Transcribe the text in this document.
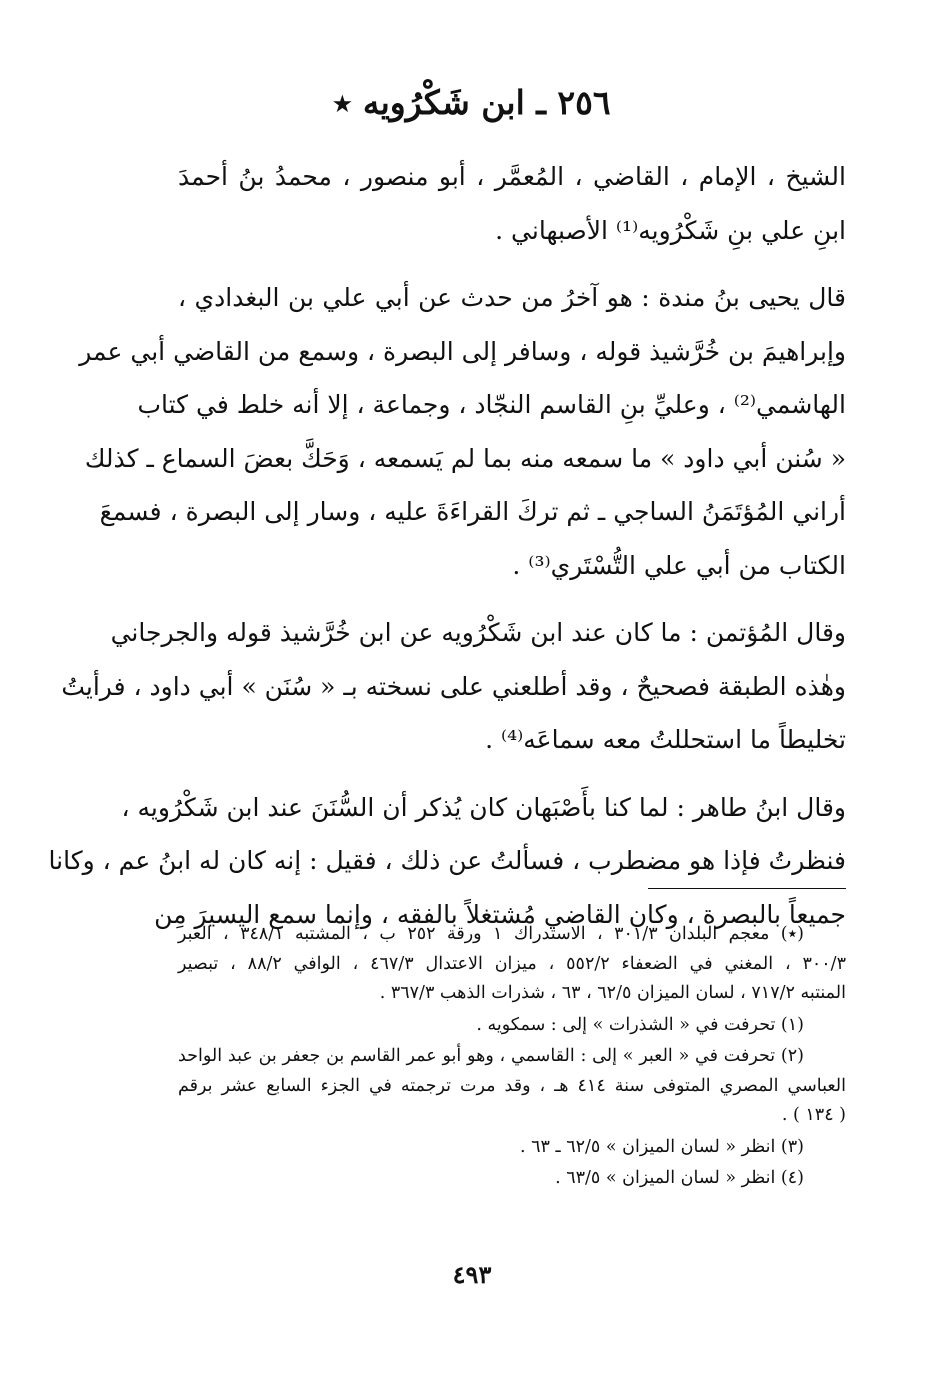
٢٥٦ ـ ابن شَكْرُويه ٭
الشيخ ، الإمام ، القاضي ، المُعمَّر ، أبو منصور ، محمدُ بنُ أحمدَ
ابنِ علي بنِ شَكْرُويه⁽¹⁾ الأصبهاني .
قال يحيى بنُ مندة : هو آخرُ من حدث عن أبي علي بن البغدادي ،
وإبراهيمَ بن خُرَّشيذ قوله ، وسافر إلى البصرة ، وسمع من القاضي أبي عمر
الهاشمي⁽²⁾ ، وعليِّ بنِ القاسم النجّاد ، وجماعة ، إلا أنه خلط في كتاب
« سُنن أبي داود » ما سمعه منه بما لم يَسمعه ، وَحَكَّ بعضَ السماع ـ كذلك
أراني المُؤتَمَنُ الساجي ـ ثم تركَ القراءَةَ عليه ، وسار إلى البصرة ، فسمعَ
الكتاب من أبي علي التُّسْتَري⁽³⁾ .
وقال المُؤتمن : ما كان عند ابن شَكْرُويه عن ابن خُرَّشيذ قوله والجرجاني
وهٰذه الطبقة فصحيحٌ ، وقد أطلعني على نسخته بـ « سُنَن » أبي داود ، فرأيتُ
تخليطاً ما استحللتُ معه سماعَه⁽⁴⁾ .
وقال ابنُ طاهر : لما كنا بأَصْبَهان كان يُذكر أن السُّنَنَ عند ابن شَكْرُويه ،
فنظرتُ فإذا هو مضطرب ، فسألتُ عن ذلك ، فقيل : إنه كان له ابنُ عم ، وكانا
جميعاً بالبصرة ، وكان القاضي مُشتغلاً بالفقه ، وإنما سمع اليسيرَ مِن
(٭) معجم البلدان ٣٠١/٣ ، الاستدراك ١ ورقة ٢٥٢ ب ، المشتبه ٣٤٨/١ ، العبر
٣٠٠/٣ ، المغني في الضعفاء ٥٥٢/٢ ، ميزان الاعتدال ٤٦٧/٣ ، الوافي ٨٨/٢ ، تبصير
المنتبه ٧١٧/٢ ، لسان الميزان ٦٢/٥ ، ٦٣ ، شذرات الذهب ٣٦٧/٣ .
(١) تحرفت في « الشذرات » إلى : سمكويه .
(٢) تحرفت في « العبر » إلى : القاسمي ، وهو أبو عمر القاسم بن جعفر بن عبد الواحد
العباسي المصري المتوفى سنة ٤١٤ هـ ، وقد مرت ترجمته في الجزء السابع عشر برقم
( ١٣٤ ) .
(٣) انظر « لسان الميزان » ٦٢/٥ ـ ٦٣ .
(٤) انظر « لسان الميزان » ٦٣/٥ .
٤٩٣
